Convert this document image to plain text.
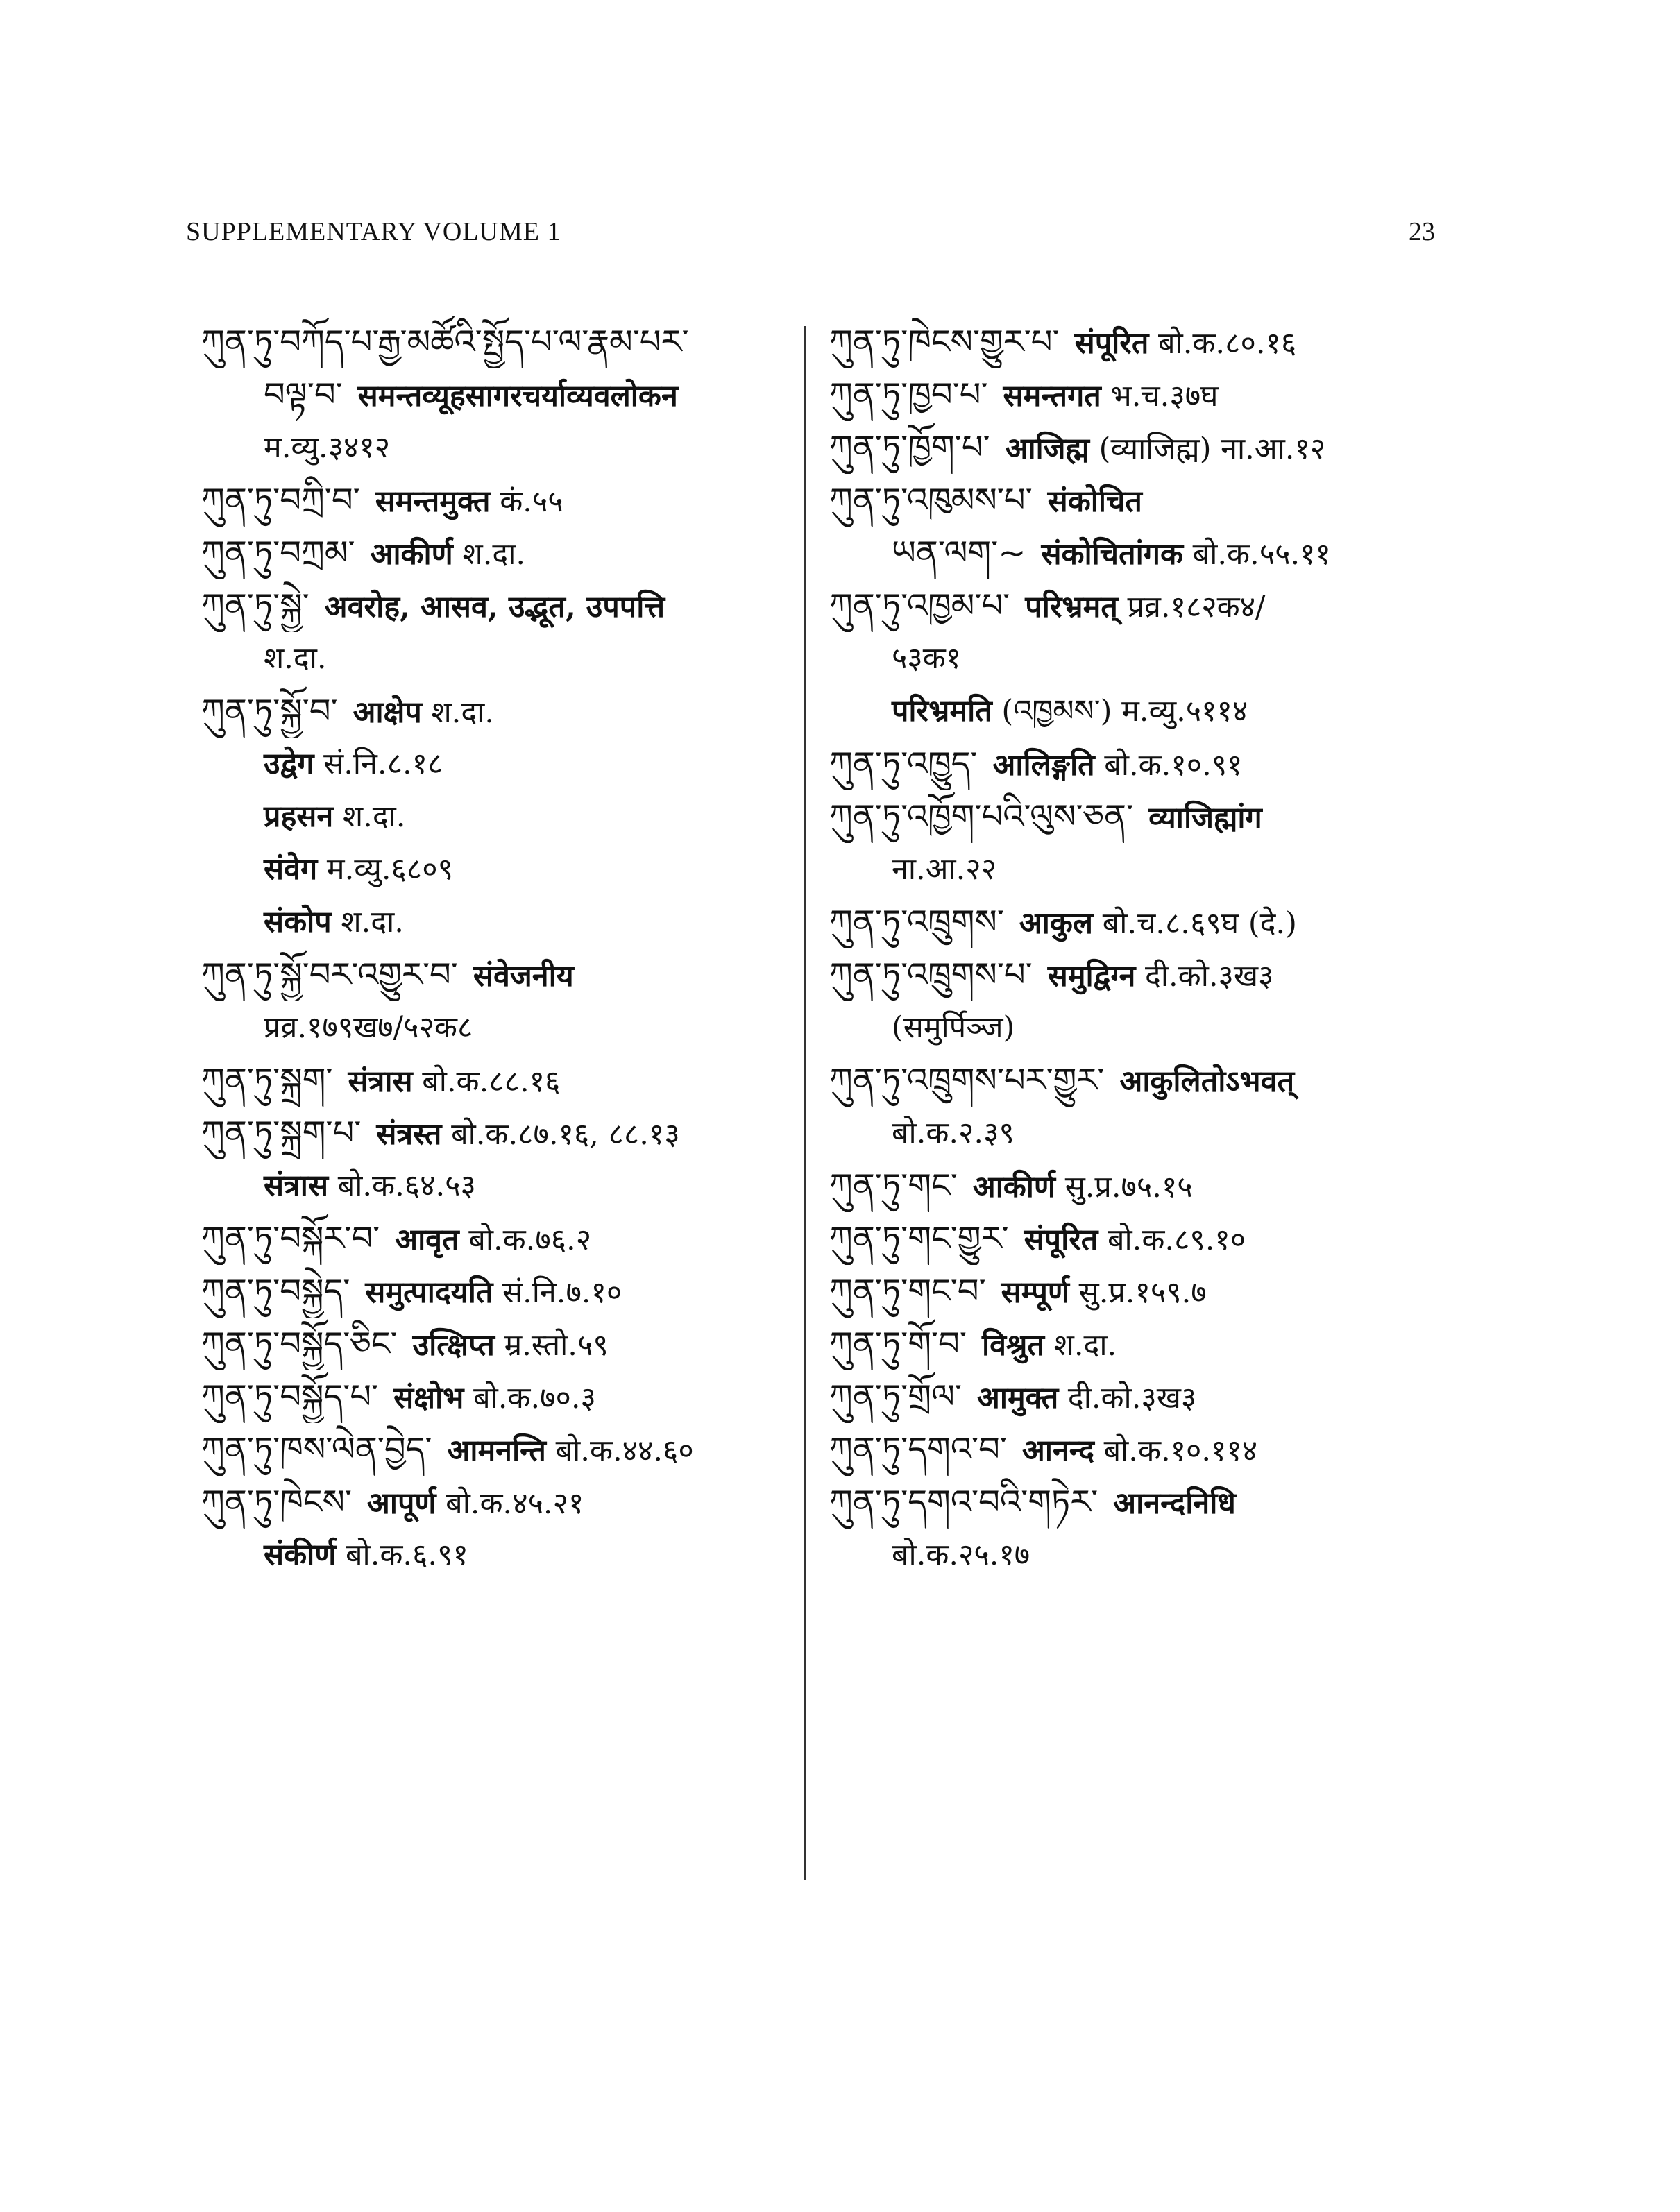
SUPPLEMENTARY VOLUME 1	23
ཀུན་ཏུ་བཀོད་པ་རྒྱ་མཚོའི་སྤྱོད་པ་ལ་རྣམ་པར་
བལྟ་བ་ समन्तव्यूहसागरचर्याव्यवलोकन
म.व्यु.३४१२
ཀུན་ཏུ་བཀྲི་བ་ समन्तमुक्त कं.५५
ཀུན་ཏུ་བཀྲམ་ आकीर्ण श.दा.
ཀུན་ཏུ་སྐྱེ་ अवरोह, आसव, उद्भूत, उपपत्ति
श.दा.
ཀུན་ཏུ་སྐྱོ་བ་ आक्षेप श.दा.
उद्वेग सं.नि.८.१८
प्रहसन श.दा.
संवेग म.व्यु.६८०९
संकोप श.दा.
ཀུན་ཏུ་སྐྱོ་བར་འགྱུར་བ་ संवेजनीय
प्रव्र.१७९ख७/५२क८
ཀུན་ཏུ་སྐྲག་ संत्रास बो.क.८८.१६
ཀུན་ཏུ་སྐྲག་པ་ संत्रस्त बो.क.८७.१६, ८८.१३
संत्रास बो.क.६४.५३
ཀུན་ཏུ་བསྐོར་བ་ आवृत बो.क.७६.२
ཀུན་ཏུ་བསྐྱེད་ समुत्पादयति सं.नि.७.१०
ཀུན་ཏུ་བསྐྱོད་ཅིང་ उत्क्षिप्त म्र.स्तो.५९
ཀུན་ཏུ་བསྐྱོད་པ་ संक्षोभ बो.क.७०.३
ཀུན་ཏུ་ཁས་ལེན་བྱེད་ आमनन्ति बो.क.४४.६०
ཀུན་ཏུ་ཁེངས་ आपूर्ण बो.क.४५.२१
संकीर्ण बो.क.६.९१
ཀུན་ཏུ་ཁེངས་གྱུར་པ་ संपूरित बो.क.८०.१६
ཀུན་ཏུ་ཁྱབ་པ་ समन्तगत भ.च.३७घ
ཀུན་ཏུ་ཁྱོག་པ་ आजिह्म (व्याजिह्म) ना.आ.१२
ཀུན་ཏུ་འཁུམས་པ་ संकोचित
ཡན་ལག་~ संकोचितांगक बो.क.५५.११
ཀུན་ཏུ་འཁྱམ་པ་ परिभ्रमत् प्रव्र.१८२क४/
५३क१
परिभ्रमति (འཁྱམས་) म.व्यु.५११४
ཀུན་ཏུ་འཁྱུད་ आलिङ्गति बो.क.१०.९१
ཀུན་ཏུ་འཁྱོག་པའི་ལུས་ཅན་ व्याजिह्मांग
ना.आ.२२
ཀུན་ཏུ་འཁྲུགས་ आकुल बो.च.८.६९घ (दे.)
ཀུན་ཏུ་འཁྲུགས་པ་ समुद्विग्न दी.को.३ख३
(समुर्पिञ्ज)
ཀུན་ཏུ་འཁྲུགས་པར་གྱུར་ आकुलितोऽभवत्
बो.क.२.३९
ཀུན་ཏུ་གང་ आकीर्ण सु.प्र.७५.१५
ཀུན་ཏུ་གང་གྱུར་ संपूरित बो.क.८९.१०
ཀུན་ཏུ་གང་བ་ सम्पूर्ण सु.प्र.१५९.७
ཀུན་ཏུ་གོ་བ་ विश्रुत श.दा.
ཀུན་ཏུ་གྲོལ་ आमुक्त दी.को.३ख३
ཀུན་ཏུ་དགའ་བ་ आनन्द बो.क.१०.११४
ཀུན་ཏུ་དགའ་བའི་གཏེར་ आनन्दनिधि
बो.क.२५.१७
